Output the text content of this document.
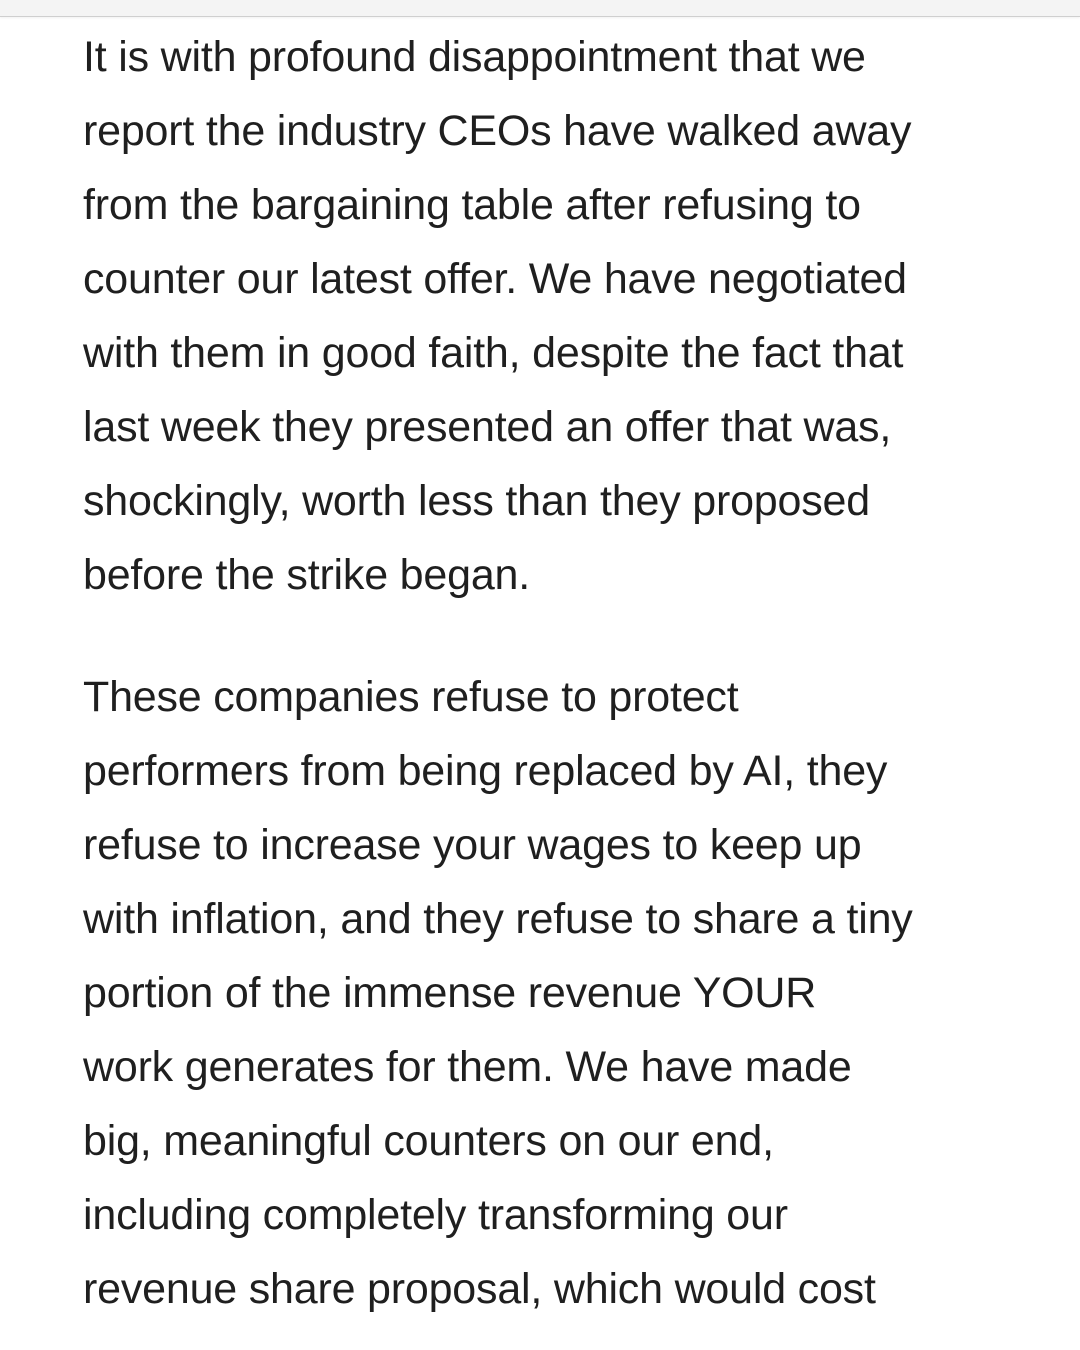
It is with profound disappointment that we
report the industry CEOs have walked away
from the bargaining table after refusing to
counter our latest offer. We have negotiated
with them in good faith, despite the fact that
last week they presented an offer that was,
shockingly, worth less than they proposed
before the strike began.
These companies refuse to protect
performers from being replaced by AI, they
refuse to increase your wages to keep up
with inflation, and they refuse to share a tiny
portion of the immense revenue YOUR
work generates for them. We have made
big, meaningful counters on our end,
including completely transforming our
revenue share proposal, which would cost
